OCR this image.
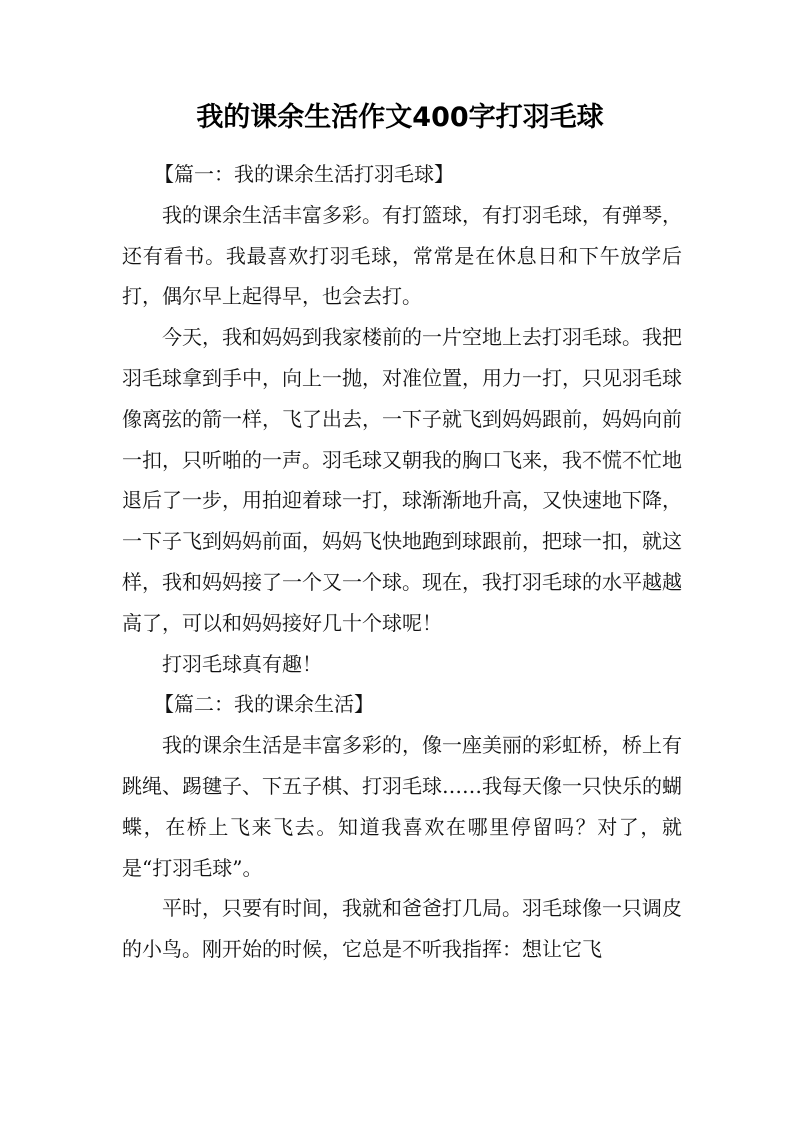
我的课余生活作文400字打羽毛球

【篇一：我的课余生活打羽毛球】

我的课余生活丰富多彩。有打篮球，有打羽毛球，有弹琴，还有看书。我最喜欢打羽毛球，常常是在休息日和下午放学后打，偶尔早上起得早，也会去打。

今天，我和妈妈到我家楼前的一片空地上去打羽毛球。我把羽毛球拿到手中，向上一抛，对准位置，用力一打，只见羽毛球像离弦的箭一样，飞了出去，一下子就飞到妈妈跟前，妈妈向前一扣，只听啪的一声。羽毛球又朝我的胸口飞来，我不慌不忙地退后了一步，用拍迎着球一打，球渐渐地升高，又快速地下降，一下子飞到妈妈前面，妈妈飞快地跑到球跟前，把球一扣，就这样，我和妈妈接了一个又一个球。现在，我打羽毛球的水平越越高了，可以和妈妈接好几十个球呢！

打羽毛球真有趣！

【篇二：我的课余生活】

我的课余生活是丰富多彩的，像一座美丽的彩虹桥，桥上有跳绳、踢毽子、下五子棋、打羽毛球……我每天像一只快乐的蝴蝶，在桥上飞来飞去。知道我喜欢在哪里停留吗？对了，就是“打羽毛球”。

平时，只要有时间，我就和爸爸打几局。羽毛球像一只调皮的小鸟。刚开始的时候，它总是不听我指挥：想让它飞
